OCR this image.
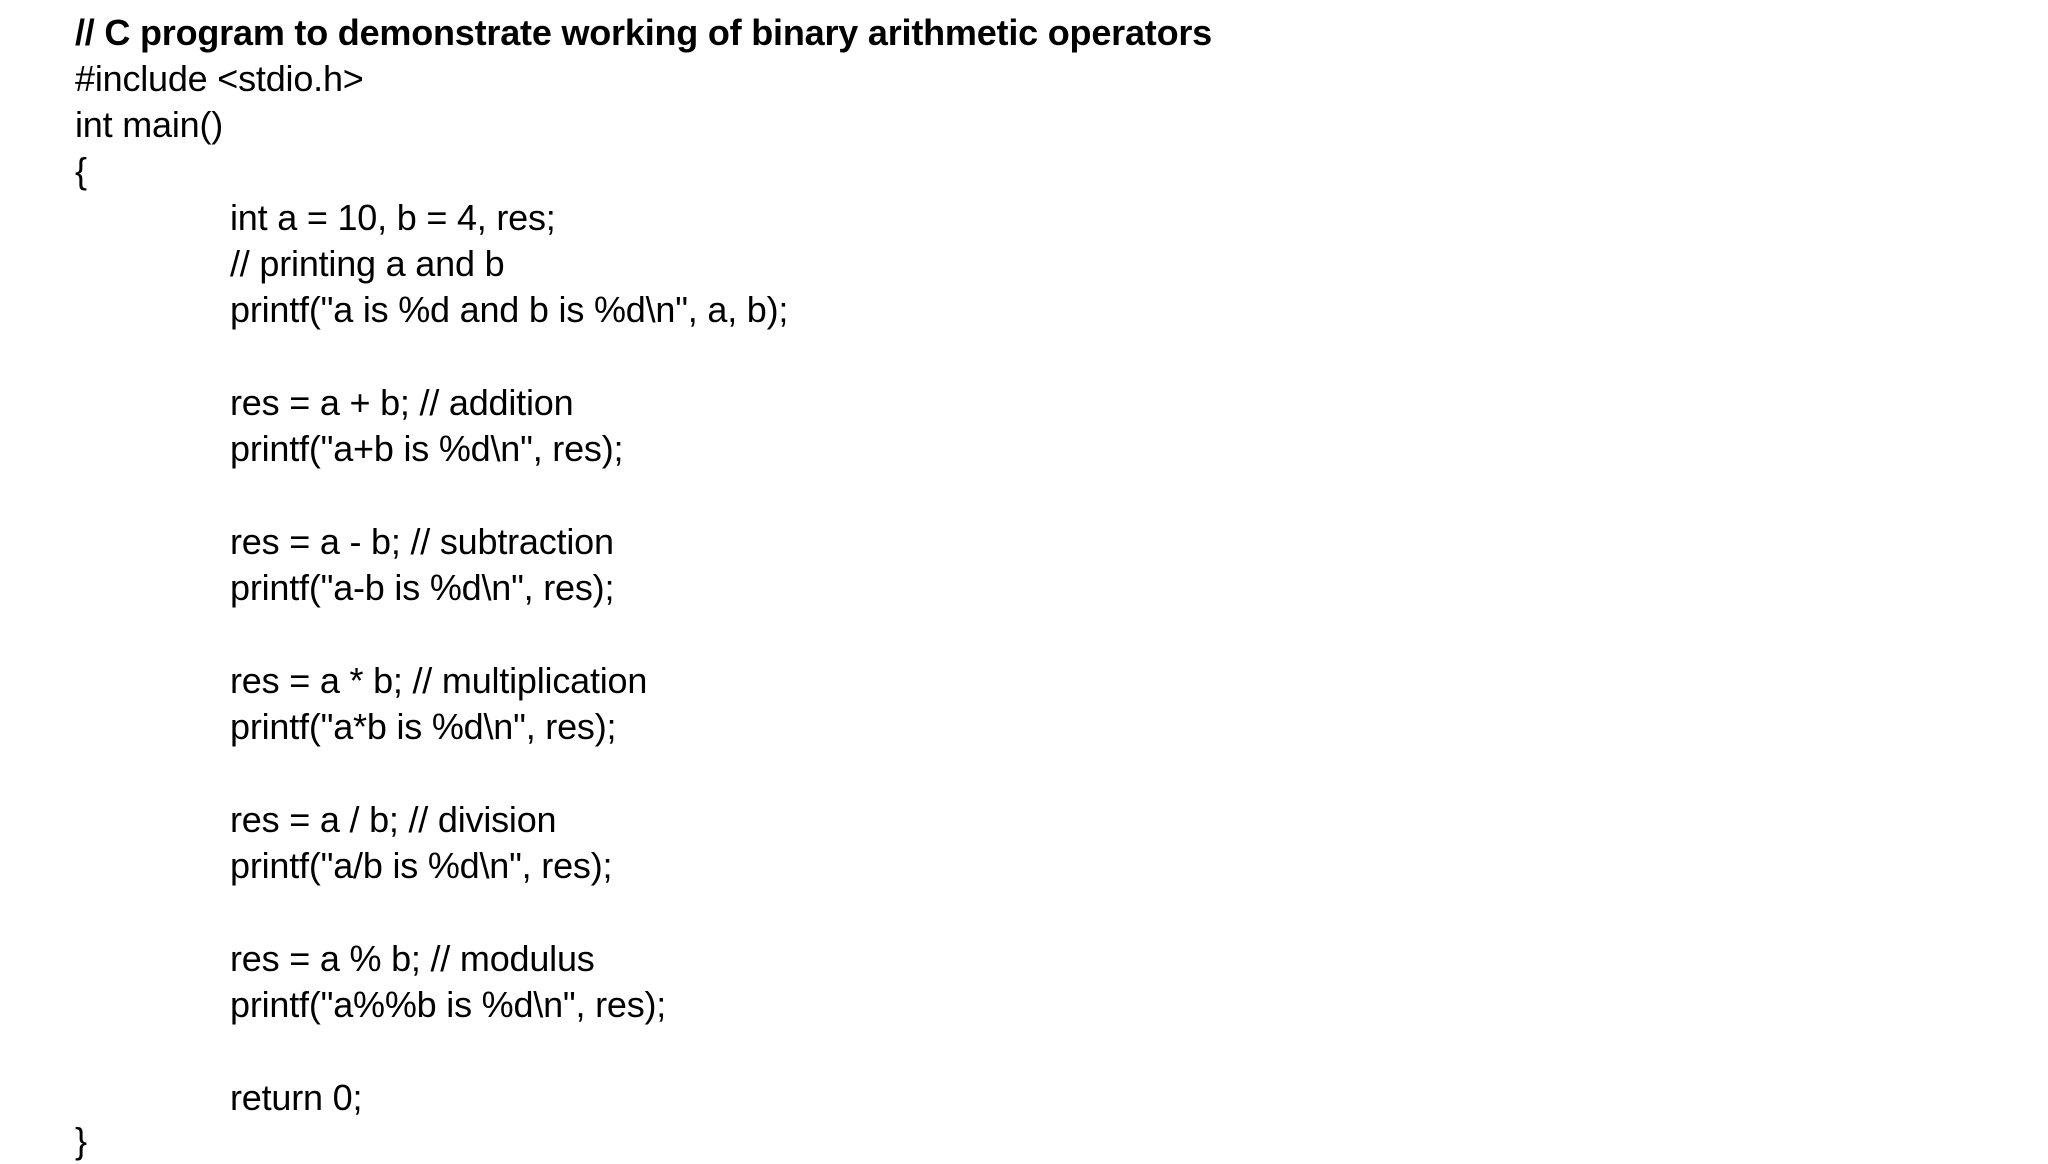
// C program to demonstrate working of binary arithmetic operators
#include <stdio.h>
int main()
{
int a = 10, b = 4, res;
// printing a and b
printf("a is %d and b is %d\n", a, b);
res = a + b; // addition
printf("a+b is %d\n", res);
res = a - b; // subtraction
printf("a-b is %d\n", res);
res = a * b; // multiplication
printf("a*b is %d\n", res);
res = a / b; // division
printf("a/b is %d\n", res);
res = a % b; // modulus
printf("a%%b is %d\n", res);
return 0;
}
